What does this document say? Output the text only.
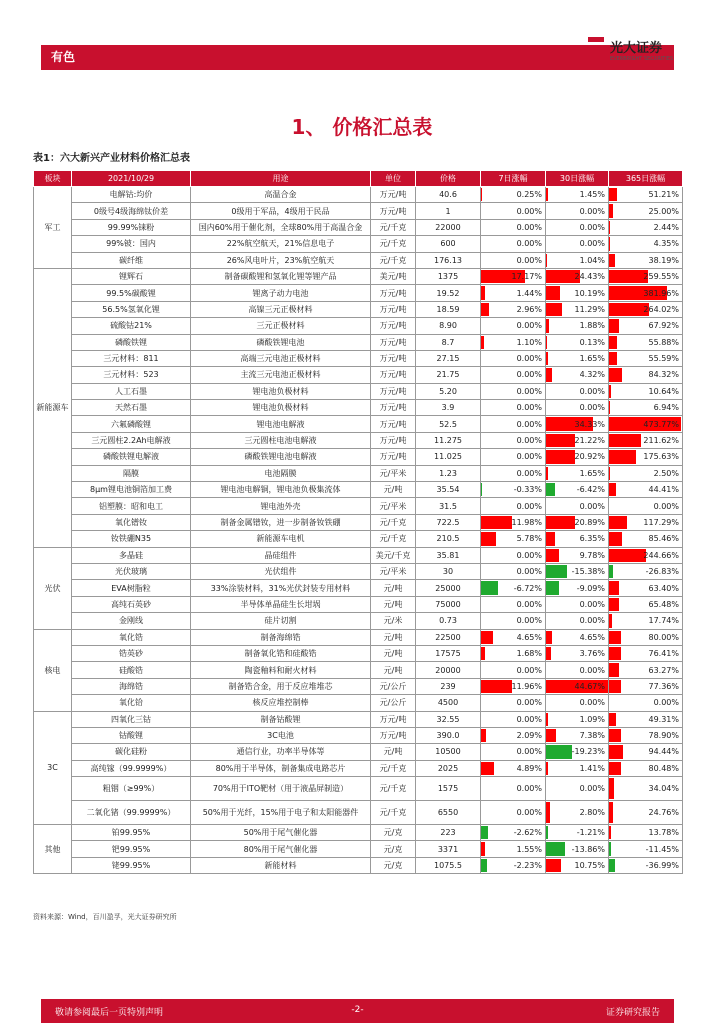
有色
光大证券
EVERBRIGHT SECURITIES
1、 价格汇总表
表1：六大新兴产业材料价格汇总表
板块	2021/10/29	用途	单位	价格	7日涨幅	30日涨幅	365日涨幅
军工	电解钴:均价	高温合金	万元/吨	40.6	0.25%	1.45%	51.21%

	0级号4级海绵钛价差	0级用于军品，4级用于民品	万元/吨	1	0.00%	0.00%	25.00%

	99.99%铼粉	国内60%用于催化剂，全球80%用于高温合金	元/千克	22000	0.00%	0.00%	2.44%

	99%铍：国内	22%航空航天，21%信息电子	元/千克	600	0.00%	0.00%	4.35%

	碳纤维	26%风电叶片，23%航空航天	元/千克	176.13	0.00%	1.04%	38.19%

新能源车	锂辉石	制备碳酸锂和氢氧化锂等锂产品	美元/吨	1375	17.17%	24.43%	259.55%

	99.5%碳酸锂	锂离子动力电池	万元/吨	19.52	1.44%	10.19%	381.96%

	56.5%氢氧化锂	高镍三元正极材料	万元/吨	18.59	2.96%	11.29%	264.02%

	硫酸钴21%	三元正极材料	万元/吨	8.90	0.00%	1.88%	67.92%

	磷酸铁锂	磷酸铁锂电池	万元/吨	8.7	1.10%	0.13%	55.88%

	三元材料：811	高端三元电池正极材料	万元/吨	27.15	0.00%	1.65%	55.59%

	三元材料：523	主流三元电池正极材料	万元/吨	21.75	0.00%	4.32%	84.32%

	人工石墨	锂电池负极材料	万元/吨	5.20	0.00%	0.00%	10.64%

	天然石墨	锂电池负极材料	万元/吨	3.9	0.00%	0.00%	6.94%

	六氟磷酸锂	锂电池电解液	万元/吨	52.5	0.00%	34.33%	473.77%

	三元圆柱2.2Ah电解液	三元圆柱电池电解液	万元/吨	11.275	0.00%	21.22%	211.62%

	磷酸铁锂电解液	磷酸铁锂电池电解液	万元/吨	11.025	0.00%	20.92%	175.63%

	隔膜	电池隔膜	元/平米	1.23	0.00%	1.65%	2.50%

	8μm锂电池铜箔加工费	锂电池电解铜，锂电池负极集流体	元/吨	35.54	-0.33%	-6.42%	44.41%

	铝塑膜：昭和电工	锂电池外壳	元/平米	31.5	0.00%	0.00%	0.00%

	氧化镨钕	制备金属镨钕，进一步制备钕铁硼	元/千克	722.5	11.98%	20.89%	117.29%

	钕铁硼N35	新能源车电机	元/千克	210.5	5.78%	6.35%	85.46%

光伏	多晶硅	晶硅组件	美元/千克	35.81	0.00%	9.78%	244.66%

	光伏玻璃	光伏组件	元/平米	30	0.00%	-15.38%	-26.83%

	EVA树脂粒	33%涂装材料，31%光伏封装专用材料	元/吨	25000	-6.72%	-9.09%	63.40%

	高纯石英砂	半导体单晶硅生长坩埚	元/吨	75000	0.00%	0.00%	65.48%

	金刚线	硅片切割	元/米	0.73	0.00%	0.00%	17.74%

核电	氧化锆	制备海绵锆	元/吨	22500	4.65%	4.65%	80.00%

	锆英砂	制备氧化锆和硅酸锆	元/吨	17575	1.68%	3.76%	76.41%

	硅酸锆	陶瓷釉料和耐火材料	元/吨	20000	0.00%	0.00%	63.27%

	海绵锆	制备锆合金，用于反应堆堆芯	元/公斤	239	11.96%	44.67%	77.36%

	氧化铪	核反应堆控制棒	元/公斤	4500	0.00%	0.00%	0.00%

3C	四氧化三钴	制备钴酸锂	万元/吨	32.55	0.00%	1.09%	49.31%

	钴酸锂	3C电池	万元/吨	390.0	2.09%	7.38%	78.90%

	碳化硅粉	通信行业，功率半导体等	元/吨	10500	0.00%	-19.23%	94.44%

	高纯镓（99.9999%）	80%用于半导体，制备集成电路芯片	元/千克	2025	4.89%	1.41%	80.48%

	粗铟（≥99%）	70%用于ITO靶材（用于液晶屏制造）	元/千克	1575	0.00%	0.00%	34.04%

	二氧化锗（99.9999%）	50%用于光纤，15%用于电子和太阳能器件	元/千克	6550	0.00%	2.80%	24.76%

其他	铂99.95%	50%用于尾气催化器	元/克	223	-2.62%	-1.21%	13.78%

	钯99.95%	80%用于尾气催化器	元/克	3371	1.55%	-13.86%	-11.45%

	铑99.95%	新能材料	元/克	1075.5	-2.23%	10.75%	-36.99%
资料来源：Wind，百川盈孚，光大证券研究所
敬请参阅最后一页特别声明	-2-	证券研究报告
